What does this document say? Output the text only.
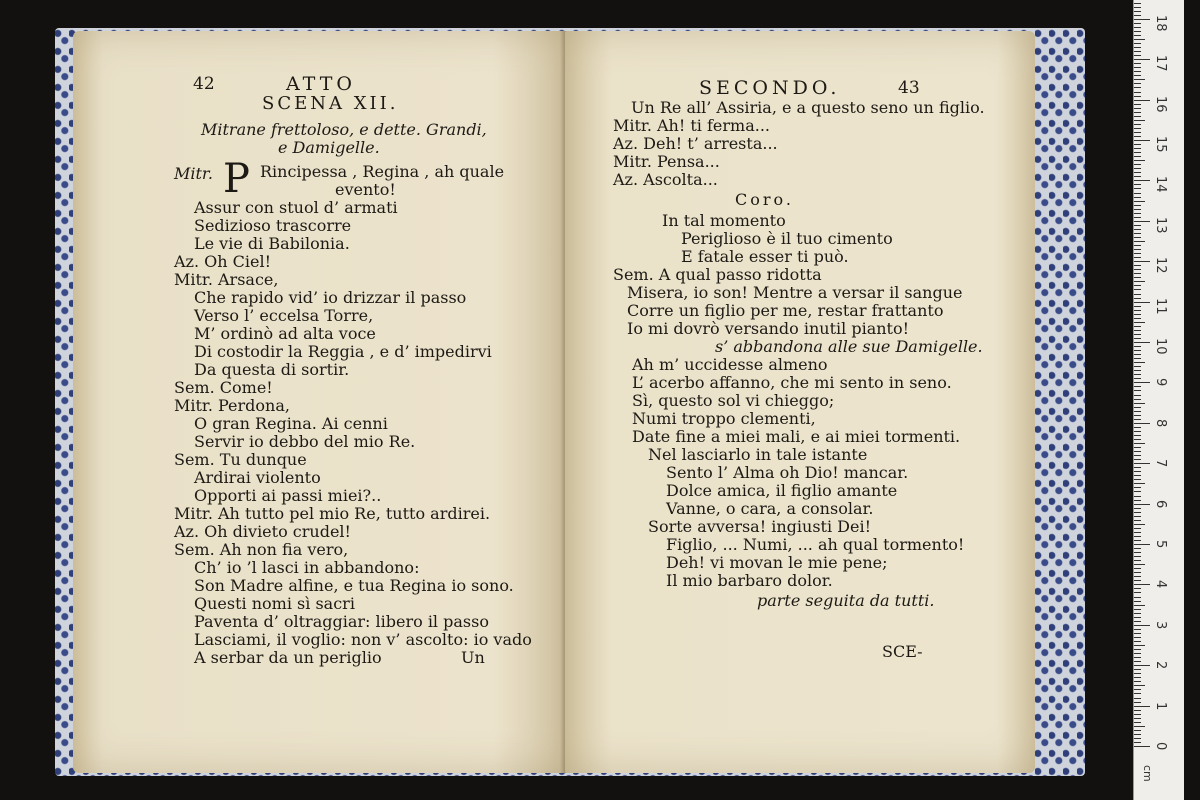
42	ATTO
SCENA XII.
Mitrane frettoloso, e dette. Grandi,
e Damigelle.
Mitr. P Rincipessa , Regina , ah quale
evento!
Assur con stuol d’ armati
Sedizioso trascorre
Le vie di Babilonia.
Az. Oh Ciel!
Mitr. Arsace,
Che rapido vid’ io drizzar il passo
Verso l’ eccelsa Torre,
M’ ordinò ad alta voce
Di costodir la Reggia , e d’ impedirvi
Da questa di sortir.
Sem. Come!
Mitr. Perdona,
O gran Regina. Ai cenni
Servir io debbo del mio Re.
Sem. Tu dunque
Ardirai violento
Opporti ai passi miei?..
Mitr. Ah tutto pel mio Re, tutto ardirei.
Az. Oh divieto crudel!
Sem. Ah non fia vero,
Ch’ io ’l lasci in abbandono:
Son Madre alfine, e tua Regina io sono.
Questi nomi sì sacri
Paventa d’ oltraggiar: libero il passo
Lasciami, il voglio: non v’ ascolto: io vado
A serbar da un periglio	Un
SECONDO.	43
Un Re all’ Assiria, e a questo seno un figlio.
Mitr. Ah! ti ferma...
Az. Deh! t’ arresta...
Mitr. Pensa...
Az. Ascolta...
Coro.
In tal momento
Periglioso è il tuo cimento
E fatale esser ti può.
Sem. A qual passo ridotta
Misera, io son! Mentre a versar il sangue
Corre un figlio per me, restar frattanto
Io mi dovrò versando inutil pianto!
s’ abbandona alle sue Damigelle.
Ah m’ uccidesse almeno
L’ acerbo affanno, che mi sento in seno.
Sì, questo sol vi chieggo;
Numi troppo clementi,
Date fine a miei mali, e ai miei tormenti.
Nel lasciarlo in tale istante
Sento l’ Alma oh Dio! mancar.
Dolce amica, il figlio amante
Vanne, o cara, a consolar.
Sorte avversa! ingiusti Dei!
Figlio, ... Numi, ... ah qual tormento!
Deh! vi movan le mie pene;
Il mio barbaro dolor.
parte seguita da tutti.
SCE-
cm
0
1
2
3
4
5
6
7
8
9
10
11
12
13
14
15
16
17
18
